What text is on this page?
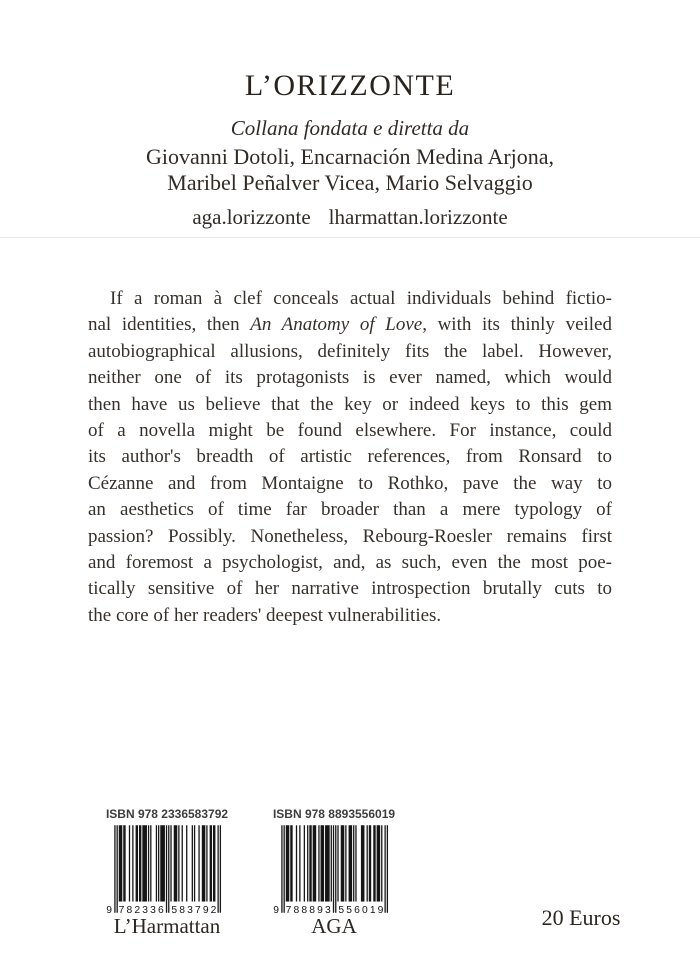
L’ORIZZONTE
Collana fondata e diretta da
Giovanni Dotoli, Encarnación Medina Arjona,
Maribel Peñalver Vicea, Mario Selvaggio
aga.lorizzonte lharmattan.lorizzonte
If a roman à clef conceals actual individuals behind fictio-
nal identities, then An Anatomy of Love, with its thinly veiled
autobiographical allusions, definitely fits the label. However,
neither one of its protagonists is ever named, which would
then have us believe that the key or indeed keys to this gem
of a novella might be found elsewhere. For instance, could
its author's breadth of artistic references, from Ronsard to
Cézanne and from Montaigne to Rothko, pave the way to
an aesthetics of time far broader than a mere typology of
passion? Possibly. Nonetheless, Rebourg-Roesler remains first
and foremost a psychologist, and, as such, even the most poe-
tically sensitive of her narrative introspection brutally cuts to
the core of her readers' deepest vulnerabilities.
ISBN 978 2336583792
9 7	5
8	8
2	3
3	7
3	9
6	2
L’Harmattan
ISBN 978 8893556019
9 7	5
8	5
8	6
8	0
9	1
3	9
AGA	20 Euros
